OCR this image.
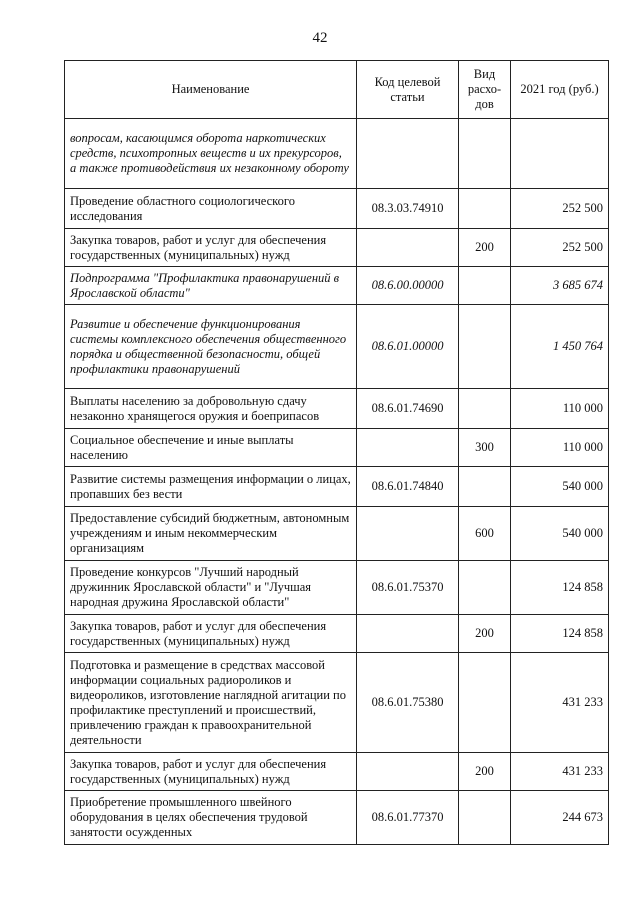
42
Наименование	Код целевой статьи	Вид расхо-дов	2021 год (руб.)
вопросам, касающимся оборота наркотических средств, психотропных веществ и их прекурсоров, а также противодействия их незаконному обороту			
Проведение областного социологического исследования	08.3.03.74910		252 500
Закупка товаров, работ и услуг для обеспечения государственных (муниципальных) нужд		200	252 500
Подпрограмма "Профилактика правонарушений в Ярославской области"	08.6.00.00000		3 685 674
Развитие и обеспечение функционирования системы комплексного обеспечения общественного порядка и общественной безопасности, общей профилактики правонарушений	08.6.01.00000		1 450 764
Выплаты населению за добровольную сдачу незаконно хранящегося оружия и боеприпасов	08.6.01.74690		110 000
Социальное обеспечение и иные выплаты населению		300	110 000
Развитие системы размещения информации о лицах, пропавших без вести	08.6.01.74840		540 000
Предоставление субсидий бюджетным, автономным учреждениям и иным некоммерческим организациям		600	540 000
Проведение конкурсов "Лучший народный дружинник Ярославской области" и "Лучшая народная дружина Ярославской области"	08.6.01.75370		124 858
Закупка товаров, работ и услуг для обеспечения государственных (муниципальных) нужд		200	124 858
Подготовка и размещение в средствах массовой информации социальных радиороликов и видеороликов, изготовление наглядной агитации по профилактике преступлений и происшествий, привлечению граждан к правоохранительной деятельности	08.6.01.75380		431 233
Закупка товаров, работ и услуг для обеспечения государственных (муниципальных) нужд		200	431 233
Приобретение промышленного швейного оборудования в целях обеспечения трудовой занятости осужденных	08.6.01.77370		244 673
